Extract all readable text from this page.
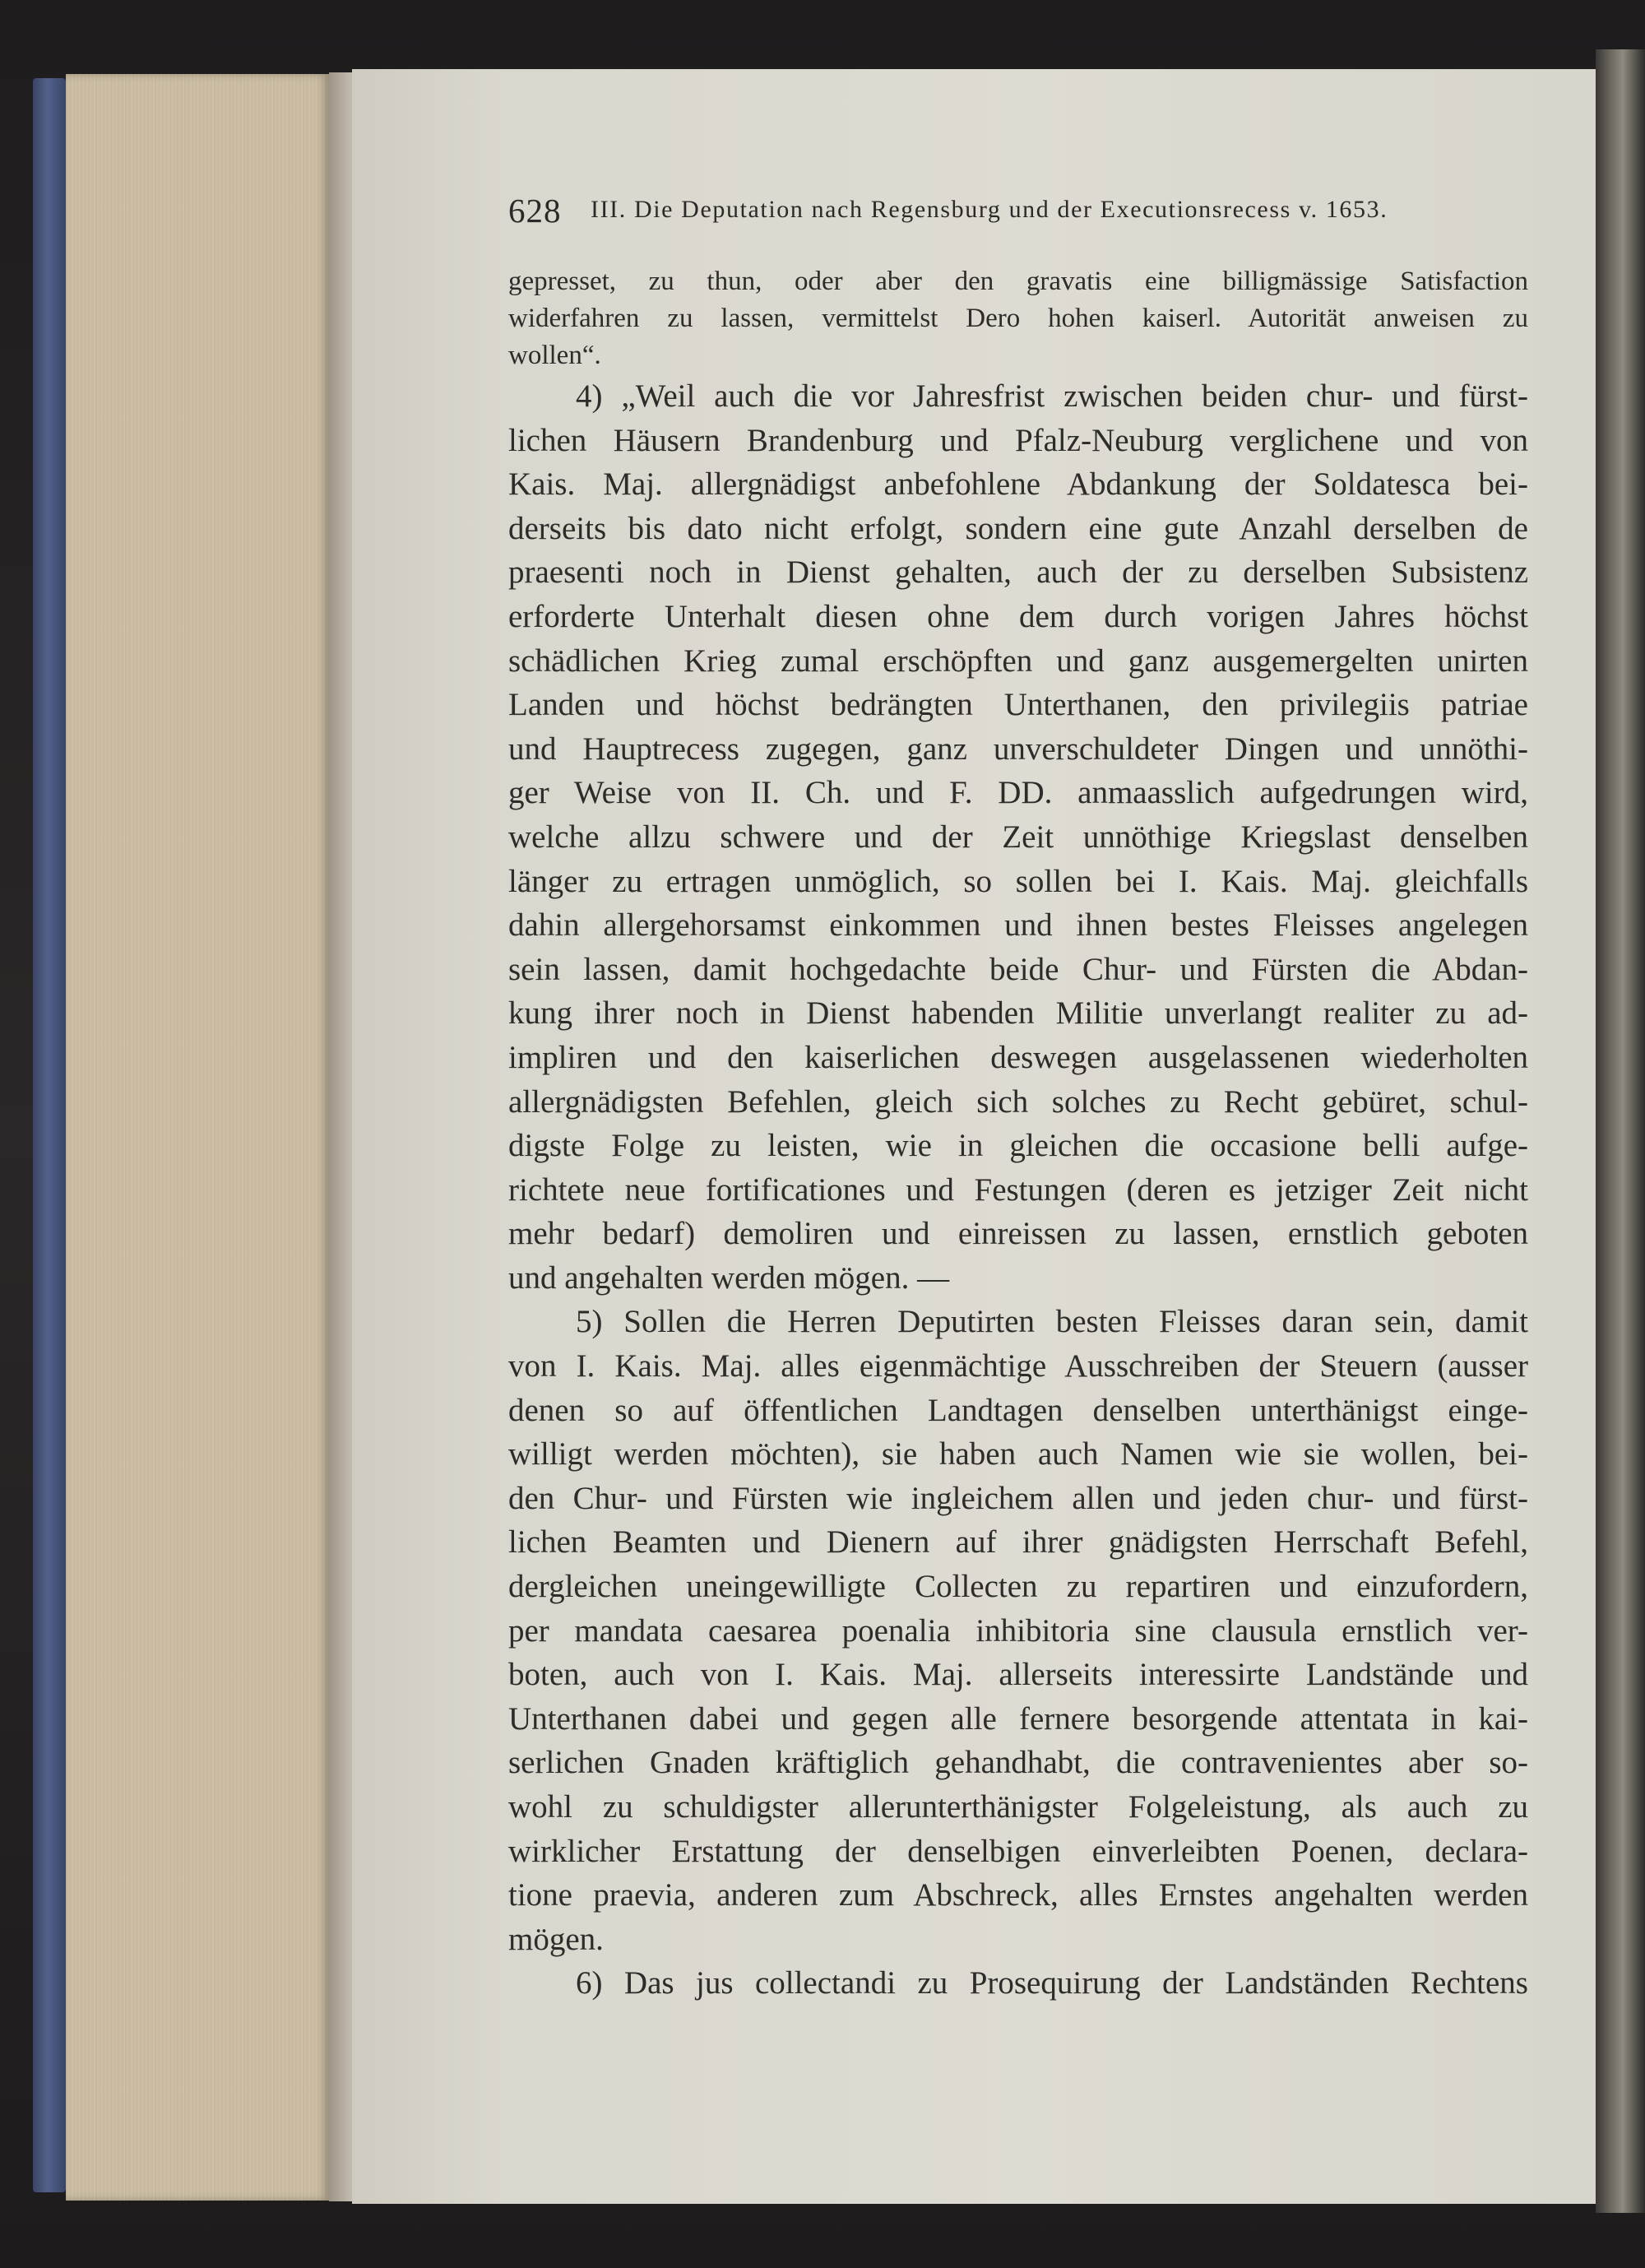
628 III. Die Deputation nach Regensburg und der Executionsrecess v. 1653.
gepresset, zu thun, oder aber den gravatis eine billigmässige Satisfaction
widerfahren zu lassen, vermittelst Dero hohen kaiserl. Autorität anweisen zu
wollen“.
4) „Weil auch die vor Jahresfrist zwischen beiden chur- und fürst-
lichen Häusern Brandenburg und Pfalz-Neuburg verglichene und von
Kais. Maj. allergnädigst anbefohlene Abdankung der Soldatesca bei-
derseits bis dato nicht erfolgt, sondern eine gute Anzahl derselben de
praesenti noch in Dienst gehalten, auch der zu derselben Subsistenz
erforderte Unterhalt diesen ohne dem durch vorigen Jahres höchst
schädlichen Krieg zumal erschöpften und ganz ausgemergelten unirten
Landen und höchst bedrängten Unterthanen, den privilegiis patriae
und Hauptrecess zugegen, ganz unverschuldeter Dingen und unnöthi-
ger Weise von II. Ch. und F. DD. anmaasslich aufgedrungen wird,
welche allzu schwere und der Zeit unnöthige Kriegslast denselben
länger zu ertragen unmöglich, so sollen bei I. Kais. Maj. gleichfalls
dahin allergehorsamst einkommen und ihnen bestes Fleisses angelegen
sein lassen, damit hochgedachte beide Chur- und Fürsten die Abdan-
kung ihrer noch in Dienst habenden Militie unverlangt realiter zu ad-
impliren und den kaiserlichen deswegen ausgelassenen wiederholten
allergnädigsten Befehlen, gleich sich solches zu Recht gebüret, schul-
digste Folge zu leisten, wie in gleichen die occasione belli aufge-
richtete neue fortificationes und Festungen (deren es jetziger Zeit nicht
mehr bedarf) demoliren und einreissen zu lassen, ernstlich geboten
und angehalten werden mögen. —
5) Sollen die Herren Deputirten besten Fleisses daran sein, damit
von I. Kais. Maj. alles eigenmächtige Ausschreiben der Steuern (ausser
denen so auf öffentlichen Landtagen denselben unterthänigst einge-
willigt werden möchten), sie haben auch Namen wie sie wollen, bei-
den Chur- und Fürsten wie ingleichem allen und jeden chur- und fürst-
lichen Beamten und Dienern auf ihrer gnädigsten Herrschaft Befehl,
dergleichen uneingewilligte Collecten zu repartiren und einzufordern,
per mandata caesarea poenalia inhibitoria sine clausula ernstlich ver-
boten, auch von I. Kais. Maj. allerseits interessirte Landstände und
Unterthanen dabei und gegen alle fernere besorgende attentata in kai-
serlichen Gnaden kräftiglich gehandhabt, die contravenientes aber so-
wohl zu schuldigster allerunterthänigster Folgeleistung, als auch zu
wirklicher Erstattung der denselbigen einverleibten Poenen, declara-
tione praevia, anderen zum Abschreck, alles Ernstes angehalten werden
mögen.
6) Das jus collectandi zu Prosequirung der Landständen Rechtens
